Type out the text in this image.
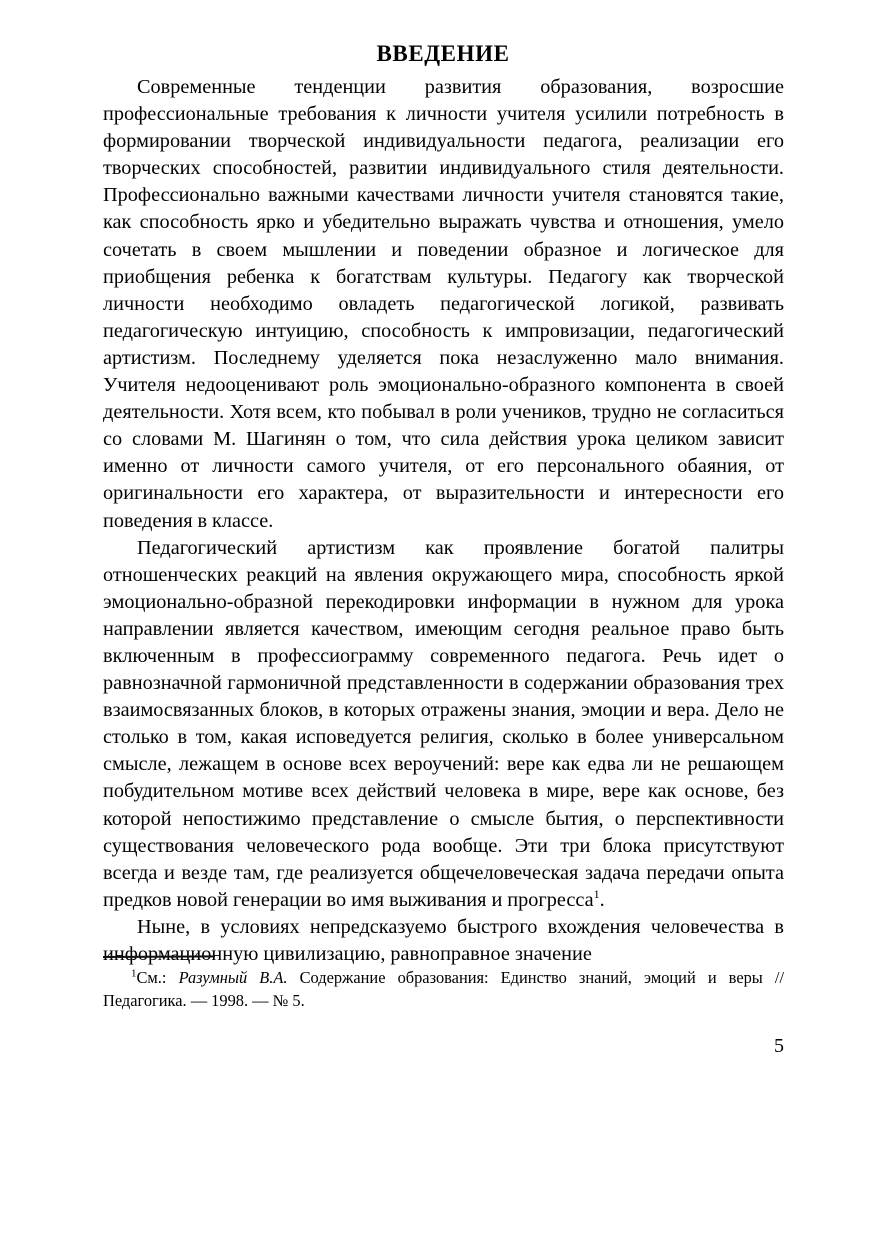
ВВЕДЕНИЕ

Современные тенденции развития образования, возросшие профессиональные требования к личности учителя усилили потребность в формировании творческой индивидуальности педагога, реализации его творческих способностей, развитии индивидуального стиля деятельности. Профессионально важными качествами личности учителя становятся такие, как способность ярко и убедительно выражать чувства и отношения, умело сочетать в своем мышлении и поведении образное и логическое для приобщения ребенка к богатствам культуры. Педагогу как творческой личности необходимо овладеть педагогической логикой, развивать педагогическую интуицию, способность к импровизации, педагогический артистизм. Последнему уделяется пока незаслуженно мало внимания. Учителя недооценивают роль эмоционально-образного компонента в своей деятельности. Хотя всем, кто побывал в роли учеников, трудно не согласиться со словами М. Шагинян о том, что сила действия урока целиком зависит именно от личности самого учителя, от его персонального обаяния, от оригинальности его характера, от выразительности и интересности его поведения в классе.

Педагогический артистизм как проявление богатой палитры отношенческих реакций на явления окружающего мира, способность яркой эмоционально-образной перекодировки информации в нужном для урока направлении является качеством, имеющим сегодня реальное право быть включенным в профессиограмму современного педагога. Речь идет о равнозначной гармоничной представленности в содержании образования трех взаимосвязанных блоков, в которых отражены знания, эмоции и вера. Дело не столько в том, какая исповедуется религия, сколько в более универсальном смысле, лежащем в основе всех вероучений: вере как едва ли не решающем побудительном мотиве всех действий человека в мире, вере как основе, без которой непостижимо представление о смысле бытия, о перспективности существования человеческого рода вообще. Эти три блока присутствуют всегда и везде там, где реализуется общечеловеческая задача передачи опыта предков новой генерации во имя выживания и прогресса$^1$.

Ныне, в условиях непредсказуемо быстрого вхождения человечества в информационную цивилизацию, равноправное значение

$^1$См.: Разумный В.А. Содержание образования: Единство знаний, эмоций и веры // Педагогика. — 1998. — № 5.

5
